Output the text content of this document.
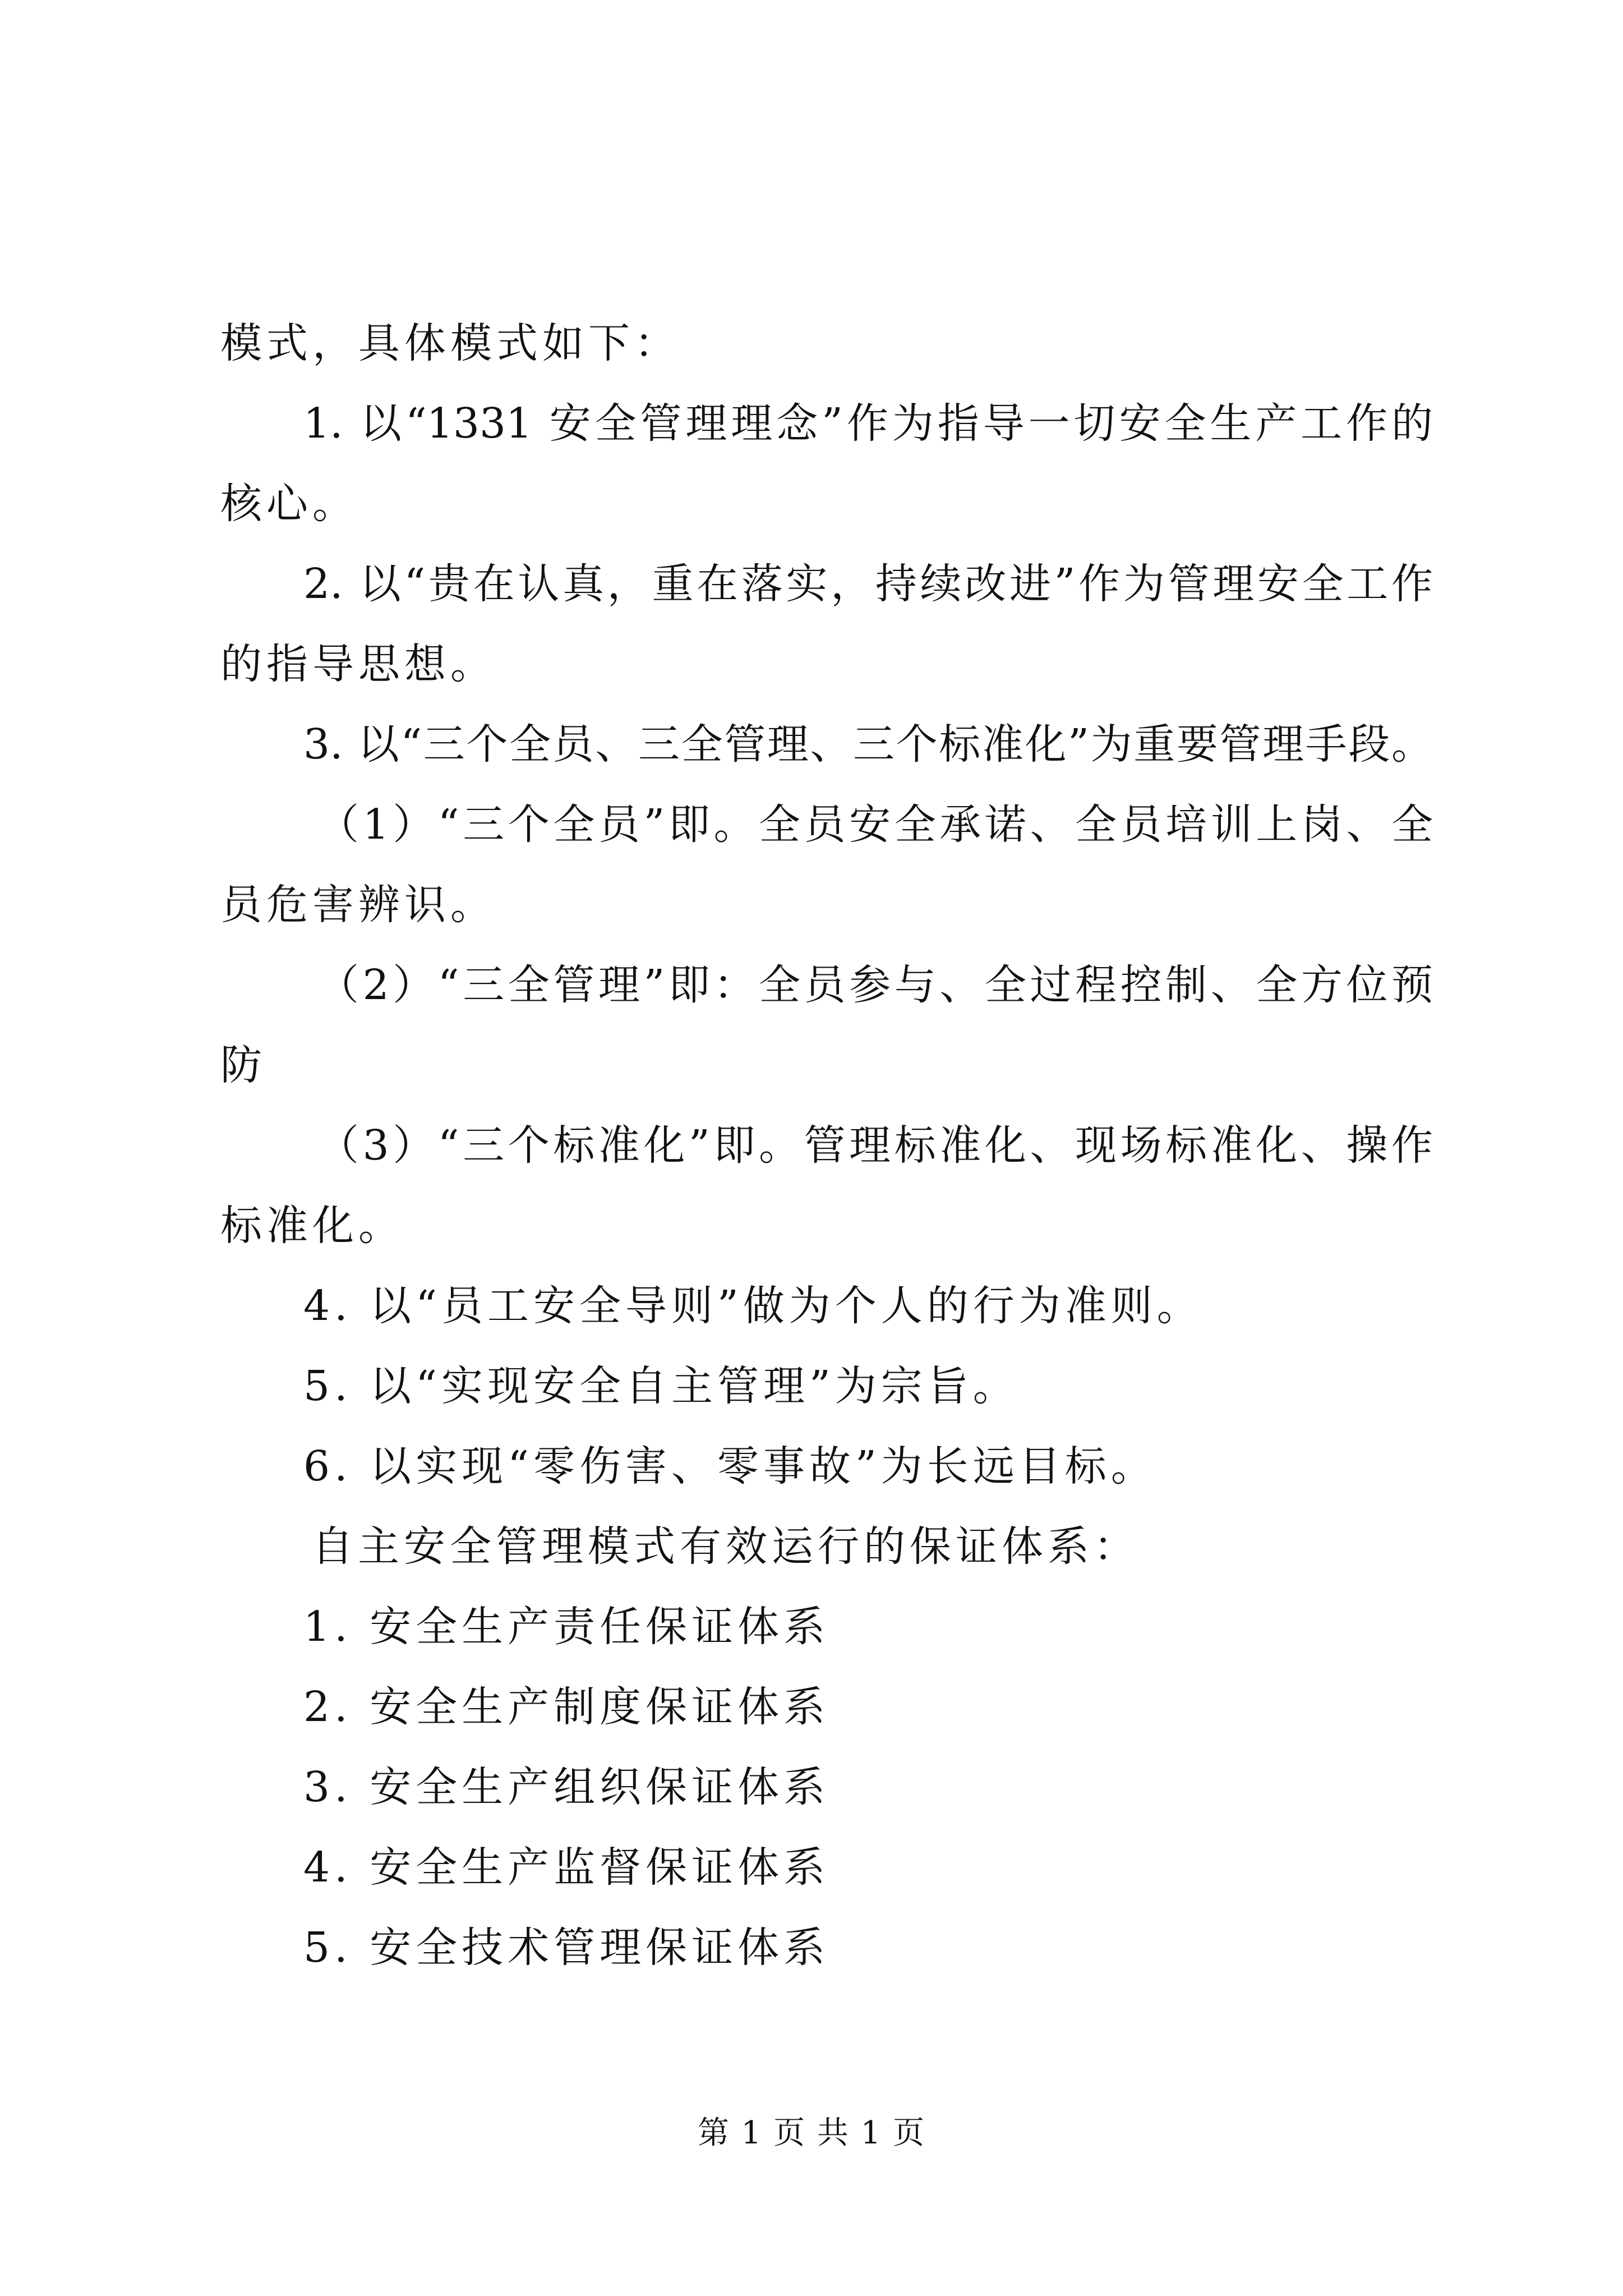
模式，具体模式如下：
1. 以“1331 安全管理理念”作为指导一切安全生产工作的
核心。
2. 以“贵在认真，重在落实，持续改进”作为管理安全工作
的指导思想。
3. 以“三个全员、三全管理、三个标准化”为重要管理手段。
（1）“三个全员”即。全员安全承诺、全员培训上岗、全
员危害辨识。
（2）“三全管理”即：全员参与、全过程控制、全方位预
防
（3）“三个标准化”即。管理标准化、现场标准化、操作
标准化。
4. 以“员工安全导则”做为个人的行为准则。
5. 以“实现安全自主管理”为宗旨。
6. 以实现“零伤害、零事故”为长远目标。
自主安全管理模式有效运行的保证体系：
1. 安全生产责任保证体系
2. 安全生产制度保证体系
3. 安全生产组织保证体系
4. 安全生产监督保证体系
5. 安全技术管理保证体系
第 1 页 共 1 页
